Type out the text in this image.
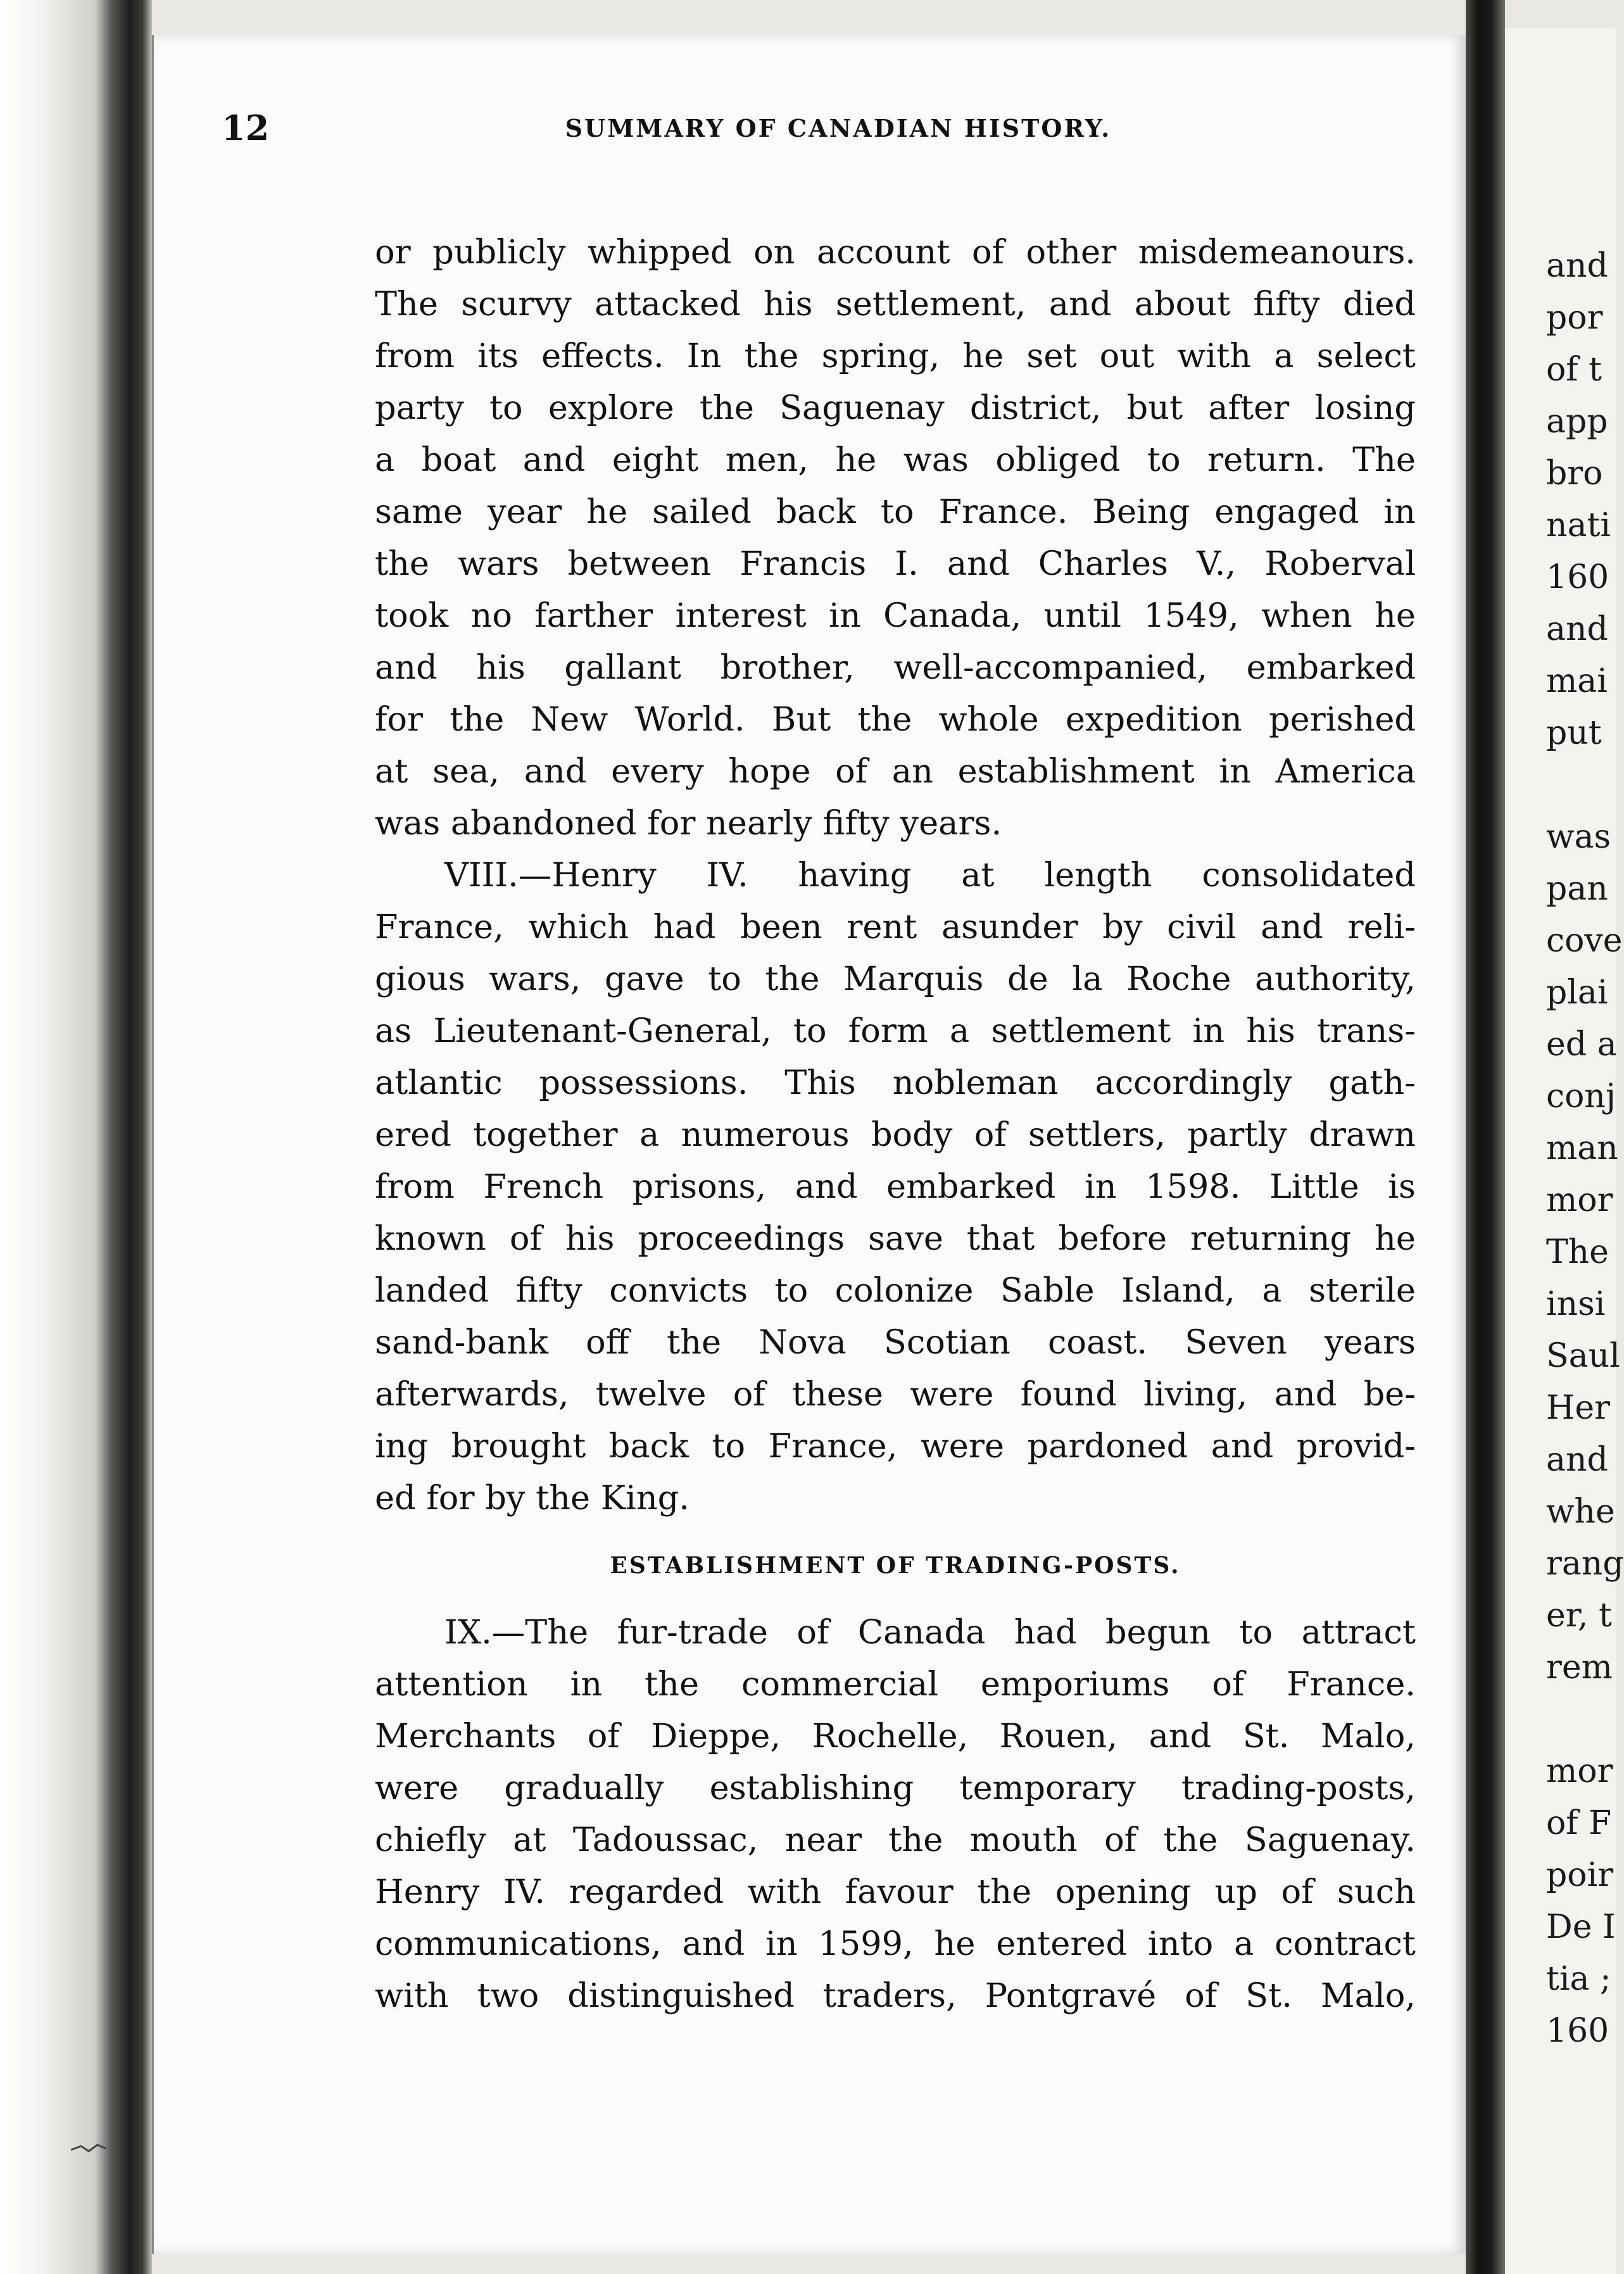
12	SUMMARY OF CANADIAN HISTORY.
or publicly whipped on account of other misdemeanours.
The scurvy attacked his settlement, and about fifty died
from its effects. In the spring, he set out with a select
party to explore the Saguenay district, but after losing
a boat and eight men, he was obliged to return. The
same year he sailed back to France. Being engaged in
the wars between Francis I. and Charles V., Roberval
took no farther interest in Canada, until 1549, when he
and his gallant brother, well-accompanied, embarked
for the New World. But the whole expedition perished
at sea, and every hope of an establishment in America
was abandoned for nearly fifty years.
VIII.—Henry IV. having at length consolidated
France, which had been rent asunder by civil and reli-
gious wars, gave to the Marquis de la Roche authority,
as Lieutenant-General, to form a settlement in his trans-
atlantic possessions. This nobleman accordingly gath-
ered together a numerous body of settlers, partly drawn
from French prisons, and embarked in 1598. Little is
known of his proceedings save that before returning he
landed fifty convicts to colonize Sable Island, a sterile
sand-bank off the Nova Scotian coast. Seven years
afterwards, twelve of these were found living, and be-
ing brought back to France, were pardoned and provid-
ed for by the King.
ESTABLISHMENT OF TRADING-POSTS.
IX.—The fur-trade of Canada had begun to attract
attention in the commercial emporiums of France.
Merchants of Dieppe, Rochelle, Rouen, and St. Malo,
were gradually establishing temporary trading-posts,
chiefly at Tadoussac, near the mouth of the Saguenay.
Henry IV. regarded with favour the opening up of such
communications, and in 1599, he entered into a contract
with two distinguished traders, Pontgravé of St. Malo,
and
por
of t
app
bro
nati
160
and
mai
put
was
pan
cove
plai
ed a
conj
man
mor
The
insi
Saul
Her
and
whe
rang
er, t
rem
mor
of F
poir
De I
tia ;
160
